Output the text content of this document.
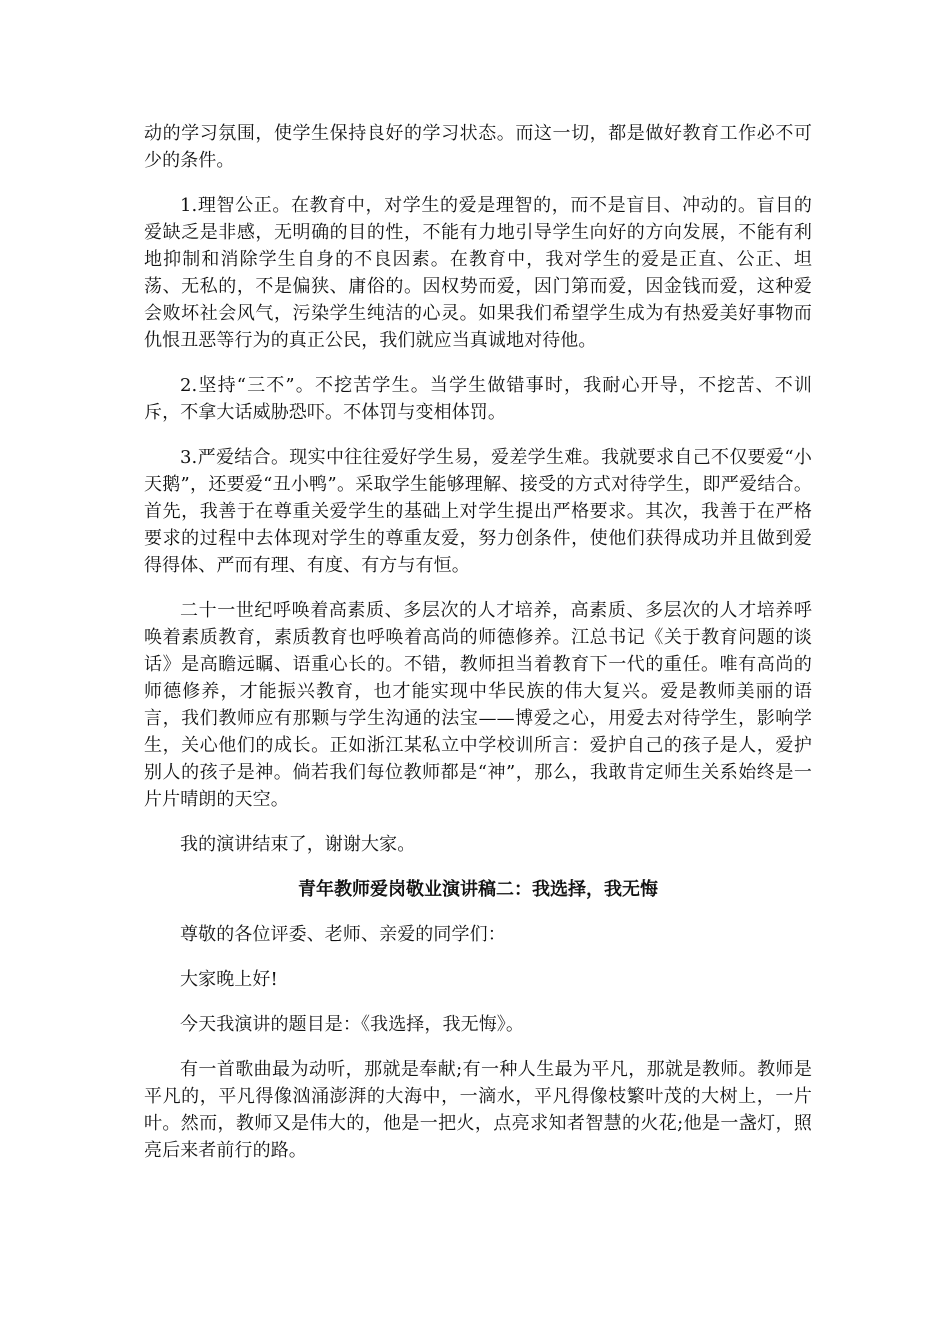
动的学习氛围，使学生保持良好的学习状态。而这一切，都是做好教育工作必不可少的条件。

1.理智公正。在教育中，对学生的爱是理智的，而不是盲目、冲动的。盲目的爱缺乏是非感，无明确的目的性，不能有力地引导学生向好的方向发展，不能有利地抑制和消除学生自身的不良因素。在教育中，我对学生的爱是正直、公正、坦荡、无私的，不是偏狭、庸俗的。因权势而爱，因门第而爱，因金钱而爱，这种爱会败坏社会风气，污染学生纯洁的心灵。如果我们希望学生成为有热爱美好事物而仇恨丑恶等行为的真正公民，我们就应当真诚地对待他。

2.坚持“三不”。不挖苦学生。当学生做错事时，我耐心开导，不挖苦、不训斥，不拿大话威胁恐吓。不体罚与变相体罚。

3.严爱结合。现实中往往爱好学生易，爱差学生难。我就要求自己不仅要爱“小天鹅”，还要爱“丑小鸭”。采取学生能够理解、接受的方式对待学生，即严爱结合。首先，我善于在尊重关爱学生的基础上对学生提出严格要求。其次，我善于在严格要求的过程中去体现对学生的尊重友爱，努力创条件，使他们获得成功并且做到爱得得体、严而有理、有度、有方与有恒。

二十一世纪呼唤着高素质、多层次的人才培养，高素质、多层次的人才培养呼唤着素质教育，素质教育也呼唤着高尚的师德修养。江总书记《关于教育问题的谈话》是高瞻远瞩、语重心长的。不错，教师担当着教育下一代的重任。唯有高尚的师德修养，才能振兴教育，也才能实现中华民族的伟大复兴。爱是教师美丽的语言，我们教师应有那颗与学生沟通的法宝——博爱之心，用爱去对待学生，影响学生，关心他们的成长。正如浙江某私立中学校训所言：爱护自己的孩子是人，爱护别人的孩子是神。倘若我们每位教师都是“神”，那么，我敢肯定师生关系始终是一片片晴朗的天空。

我的演讲结束了，谢谢大家。

青年教师爱岗敬业演讲稿二：我选择，我无悔

尊敬的各位评委、老师、亲爱的同学们：

大家晚上好!

今天我演讲的题目是：《我选择，我无悔》。

有一首歌曲最为动听，那就是奉献;有一种人生最为平凡，那就是教师。教师是平凡的，平凡得像汹涌澎湃的大海中，一滴水，平凡得像枝繁叶茂的大树上，一片叶。然而，教师又是伟大的，他是一把火，点亮求知者智慧的火花;他是一盏灯，照亮后来者前行的路。
